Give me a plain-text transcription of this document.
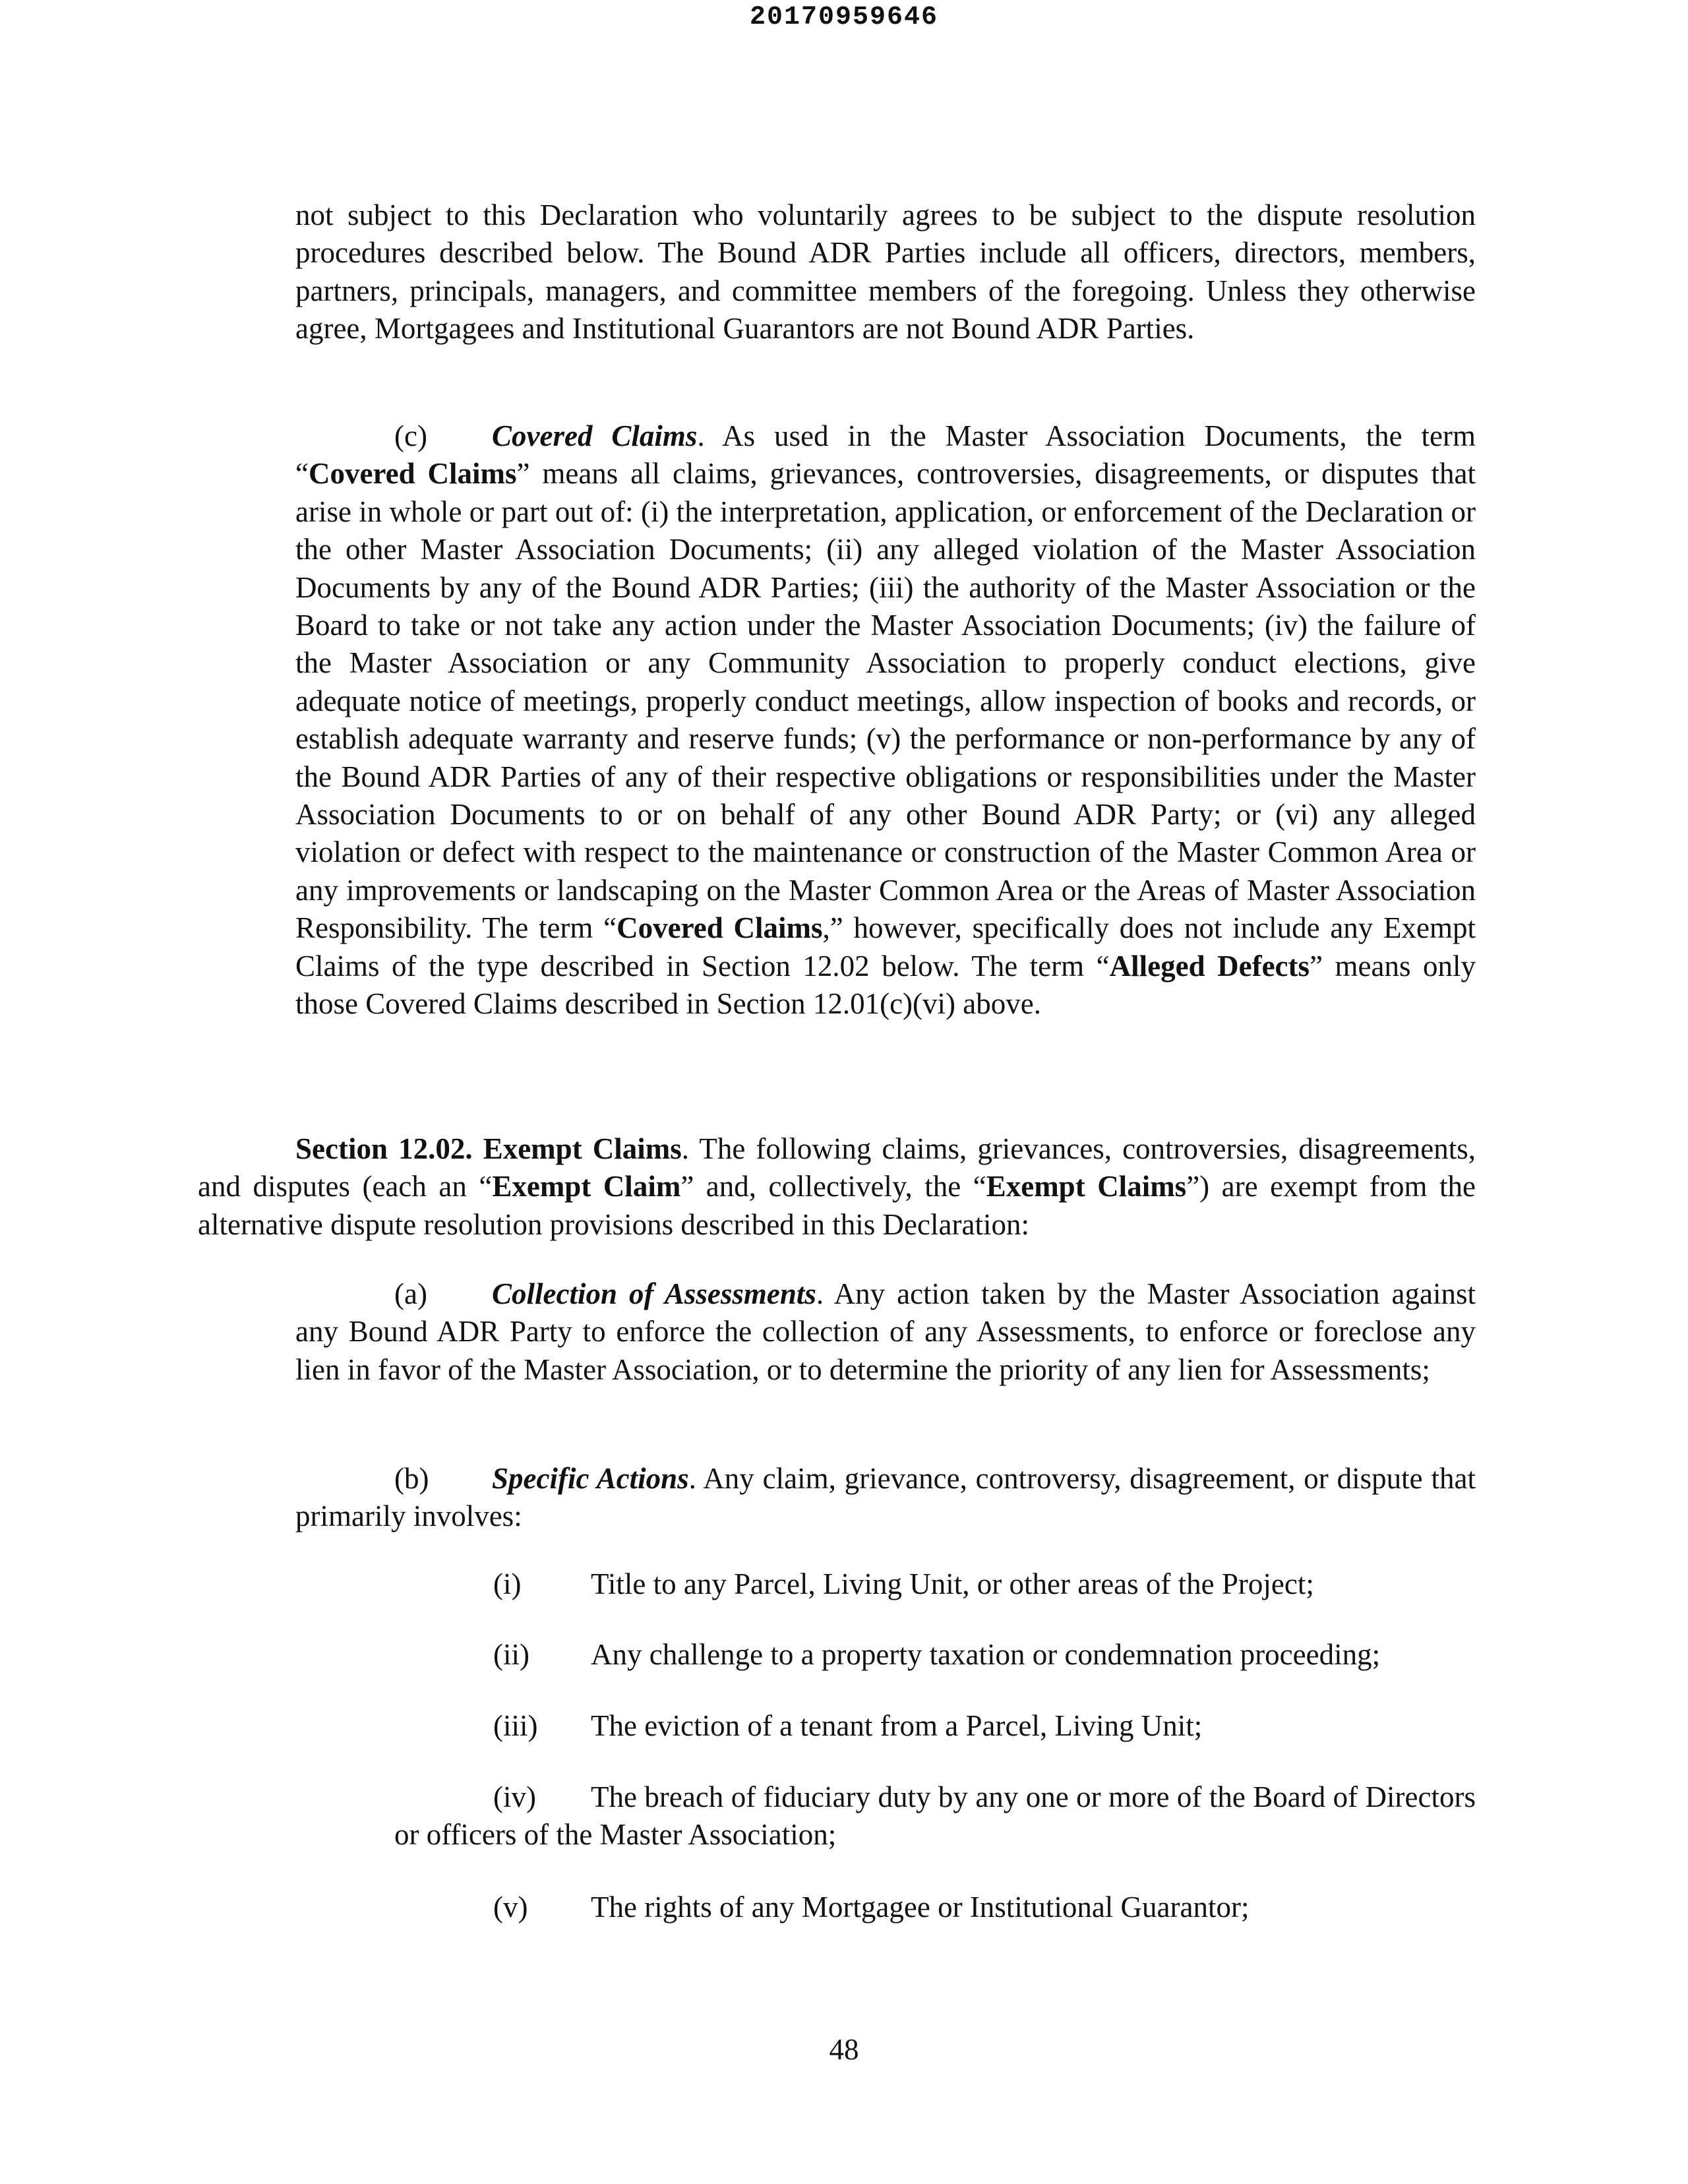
20170959646

not subject to this Declaration who voluntarily agrees to be subject to the dispute resolution procedures described below. The Bound ADR Parties include all officers, directors, members, partners, principals, managers, and committee members of the foregoing. Unless they otherwise agree, Mortgagees and Institutional Guarantors are not Bound ADR Parties.

(c) Covered Claims. As used in the Master Association Documents, the term “Covered Claims” means all claims, grievances, controversies, disagreements, or disputes that arise in whole or part out of: (i) the interpretation, application, or enforcement of the Declaration or the other Master Association Documents; (ii) any alleged violation of the Master Association Documents by any of the Bound ADR Parties; (iii) the authority of the Master Association or the Board to take or not take any action under the Master Association Documents; (iv) the failure of the Master Association or any Community Association to properly conduct elections, give adequate notice of meetings, properly conduct meetings, allow inspection of books and records, or establish adequate warranty and reserve funds; (v) the performance or non-performance by any of the Bound ADR Parties of any of their respective obligations or responsibilities under the Master Association Documents to or on behalf of any other Bound ADR Party; or (vi) any alleged violation or defect with respect to the maintenance or construction of the Master Common Area or any improvements or landscaping on the Master Common Area or the Areas of Master Association Responsibility. The term “Covered Claims,” however, specifically does not include any Exempt Claims of the type described in Section 12.02 below. The term “Alleged Defects” means only those Covered Claims described in Section 12.01(c)(vi) above.

Section 12.02. Exempt Claims. The following claims, grievances, controversies, disagreements, and disputes (each an “Exempt Claim” and, collectively, the “Exempt Claims”) are exempt from the alternative dispute resolution provisions described in this Declaration:

(a) Collection of Assessments. Any action taken by the Master Association against any Bound ADR Party to enforce the collection of any Assessments, to enforce or foreclose any lien in favor of the Master Association, or to determine the priority of any lien for Assessments;

(b) Specific Actions. Any claim, grievance, controversy, disagreement, or dispute that primarily involves:

(i) Title to any Parcel, Living Unit, or other areas of the Project;

(ii) Any challenge to a property taxation or condemnation proceeding;

(iii) The eviction of a tenant from a Parcel, Living Unit;

(iv) The breach of fiduciary duty by any one or more of the Board of Directors or officers of the Master Association;

(v) The rights of any Mortgagee or Institutional Guarantor;

48
